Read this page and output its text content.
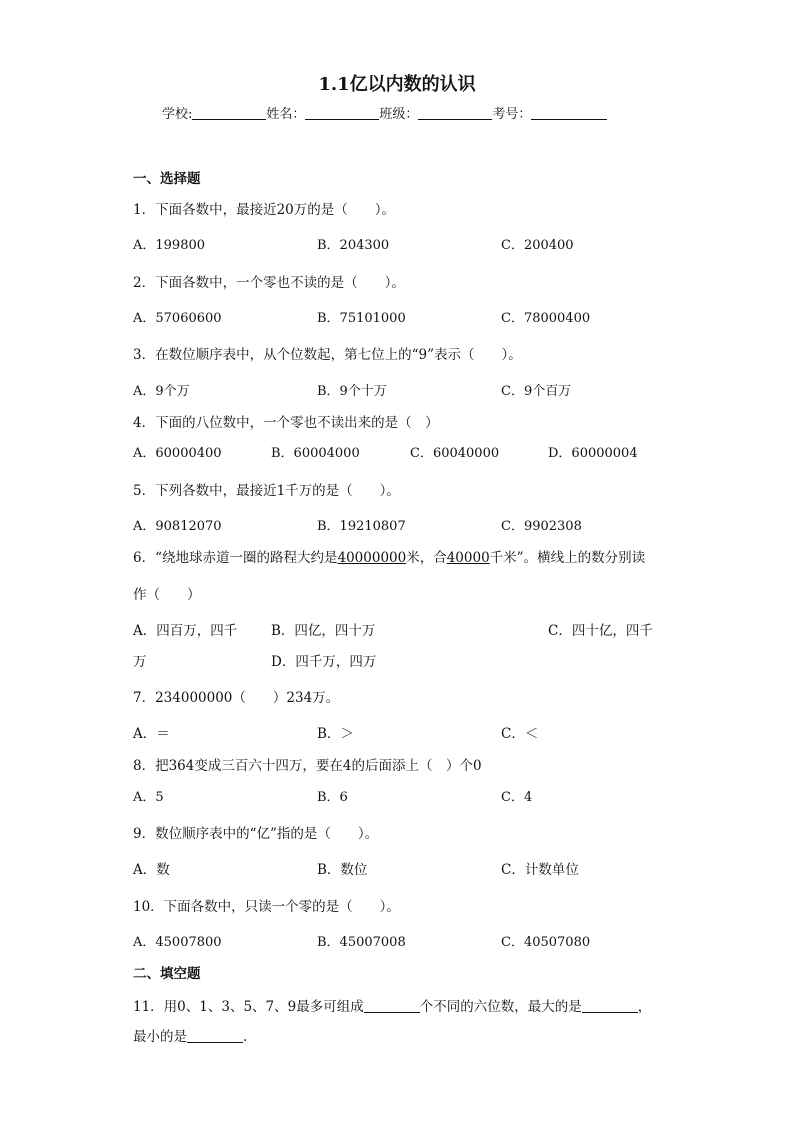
1.1亿以内数的认识
学校:	姓名：	班级：	考号：
一、选择题
1．下面各数中，最接近20万的是（　　）。
A．199800	B．204300	C．200400
2．下面各数中，一个零也不读的是（　　）。
A．57060600	B．75101000	C．78000400
3．在数位顺序表中，从个位数起，第七位上的“9”表示（　　）。
A．9个万	B．9个十万	C．9个百万
4．下面的八位数中，一个零也不读出来的是（　）
A．60000400	B．60004000	C．60040000	D．60000004
5．下列各数中，最接近1千万的是（　　）。
A．90812070	B．19210807	C．9902308
6．“绕地球赤道一圈的路程大约是40000000米，合40000千米”。横线上的数分别读
作（　　）
A．四百万，四千	B．四亿，四十万	C．四十亿，四千
万	D．四千万，四万
7．234000000（　　）234万。
A．＝	B．＞	C．＜
8．把364变成三百六十四万，要在4的后面添上（　）个0
A．5	B．6	C．4
9．数位顺序表中的“亿”指的是（　　）。
A．数	B．数位	C．计数单位
10．下面各数中，只读一个零的是（　　）。
A．45007800	B．45007008	C．40507080
二、填空题
11．用0、1、3、5、7、9最多可组成	个不同的六位数，最大的是	，
最小的是	.
